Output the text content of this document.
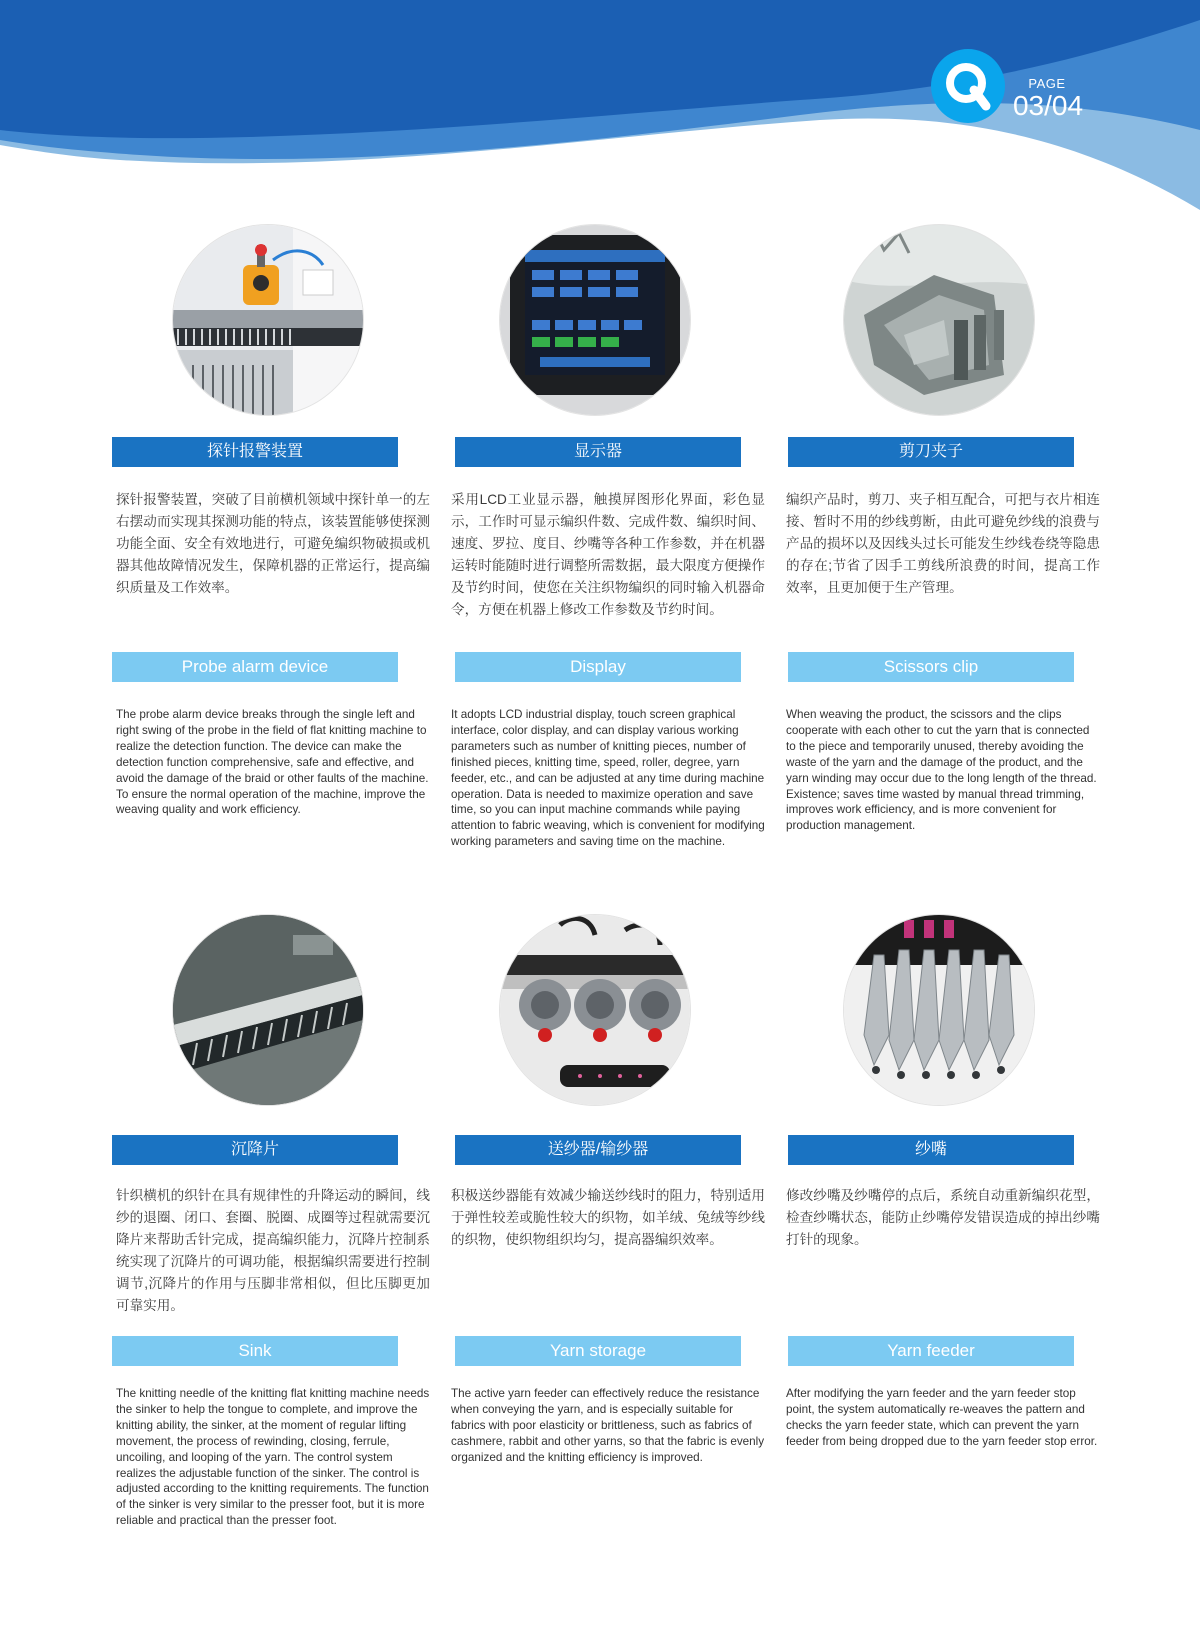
PAGE
03/04
探针报警装置

探针报警装置，突破了目前横机领域中探针单一的左右摆动而实现其探测功能的特点，该装置能够使探测功能全面、安全有效地进行，可避免编织物破损或机器其他故障情况发生，保障机器的正常运行，提高编织质量及工作效率。

Probe alarm device

The probe alarm device breaks through the single left and right swing of the probe in the field of flat knitting machine to realize the detection function. The device can make the detection function comprehensive, safe and effective, and avoid the damage of the braid or other faults of the machine. To ensure the normal operation of the machine, improve the weaving quality and work efficiency.

显示器

采用LCD工业显示器，触摸屏图形化界面，彩色显示，工作时可显示编织件数、完成件数、编织时间、速度、罗拉、度目、纱嘴等各种工作参数，并在机器运转时能随时进行调整所需数据，最大限度方便操作及节约时间，使您在关注织物编织的同时输入机器命令，方便在机器上修改工作参数及节约时间。

Display

It adopts LCD industrial display, touch screen graphical interface, color display, and can display various working parameters such as number of knitting pieces, number of finished pieces, knitting time, speed, roller, degree, yarn feeder, etc., and can be adjusted at any time during machine operation. Data is needed to maximize operation and save time, so you can input machine commands while paying attention to fabric weaving, which is convenient for modifying working parameters and saving time on the machine.

剪刀夹子

编织产品时，剪刀、夹子相互配合，可把与衣片相连接、暂时不用的纱线剪断，由此可避免纱线的浪费与产品的损坏以及因线头过长可能发生纱线卷绕等隐患的存在;节省了因手工剪线所浪费的时间，提高工作效率，且更加便于生产管理。

Scissors clip

When weaving the product, the scissors and the clips cooperate with each other to cut the yarn that is connected to the piece and temporarily unused, thereby avoiding the waste of the yarn and the damage of the product, and the yarn winding may occur due to the long length of the thread. Existence; saves time wasted by manual thread trimming, improves work efficiency, and is more convenient for production management.

沉降片

针织横机的织针在具有规律性的升降运动的瞬间，线纱的退圈、闭口、套圈、脱圈、成圈等过程就需要沉降片来帮助舌针完成，提高编织能力，沉降片控制系统实现了沉降片的可调功能，根据编织需要进行控制调节,沉降片的作用与压脚非常相似，但比压脚更加可靠实用。

Sink

The knitting needle of the knitting flat knitting machine needs the sinker to help the tongue to complete, and improve the knitting ability, the sinker, at the moment of regular lifting movement, the process of rewinding, closing, ferrule, uncoiling, and looping of the yarn. The control system realizes the adjustable function of the sinker. The control is adjusted according to the knitting requirements. The function of the sinker is very similar to the presser foot, but it is more reliable and practical than the presser foot.

送纱器/输纱器

积极送纱器能有效减少输送纱线时的阻力，特别适用于弹性较差或脆性较大的织物，如羊绒、兔绒等纱线的织物，使织物组织均匀，提高器编织效率。

Yarn storage

The active yarn feeder can effectively reduce the resistance when conveying the yarn, and is especially suitable for fabrics with poor elasticity or brittleness, such as fabrics of cashmere, rabbit and other yarns, so that the fabric is evenly organized and the knitting efficiency is improved.

纱嘴

修改纱嘴及纱嘴停的点后，系统自动重新编织花型，检查纱嘴状态，能防止纱嘴停发错误造成的掉出纱嘴打针的现象。

Yarn feeder

After modifying the yarn feeder and the yarn feeder stop point, the system automatically re-weaves the pattern and checks the yarn feeder state, which can prevent the yarn feeder from being dropped due to the yarn feeder stop error.
